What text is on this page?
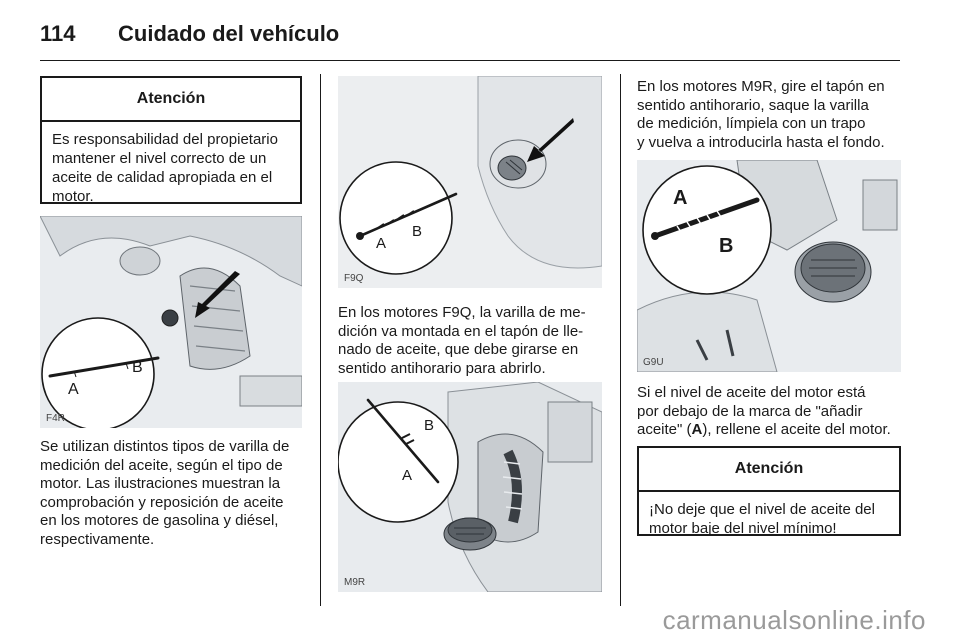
114	Cuidado del vehículo
Atención
Es responsabilidad del propietario mantener el nivel correcto de un aceite de calidad apropiada en el motor.
A
B
F4R
Se utilizan distintos tipos de varilla de
medición del aceite, según el tipo de
motor. Las ilustraciones muestran la
comprobación y reposición de aceite
en los motores de gasolina y diésel,
respectivamente.
A
B
F9Q
En los motores F9Q, la varilla de me-
dición va montada en el tapón de lle-
nado de aceite, que debe girarse en
sentido antihorario para abrirlo.
A
B
M9R
En los motores M9R, gire el tapón en
sentido antihorario, saque la varilla
de medición, límpiela con un trapo
y vuelva a introducirla hasta el fondo.
A
B
G9U
Si el nivel de aceite del motor está
por debajo de la marca de "añadir
aceite" (A), rellene el aceite del motor.
Atención
¡No deje que el nivel de aceite del motor baje del nivel mínimo!
carmanualsonline.info
